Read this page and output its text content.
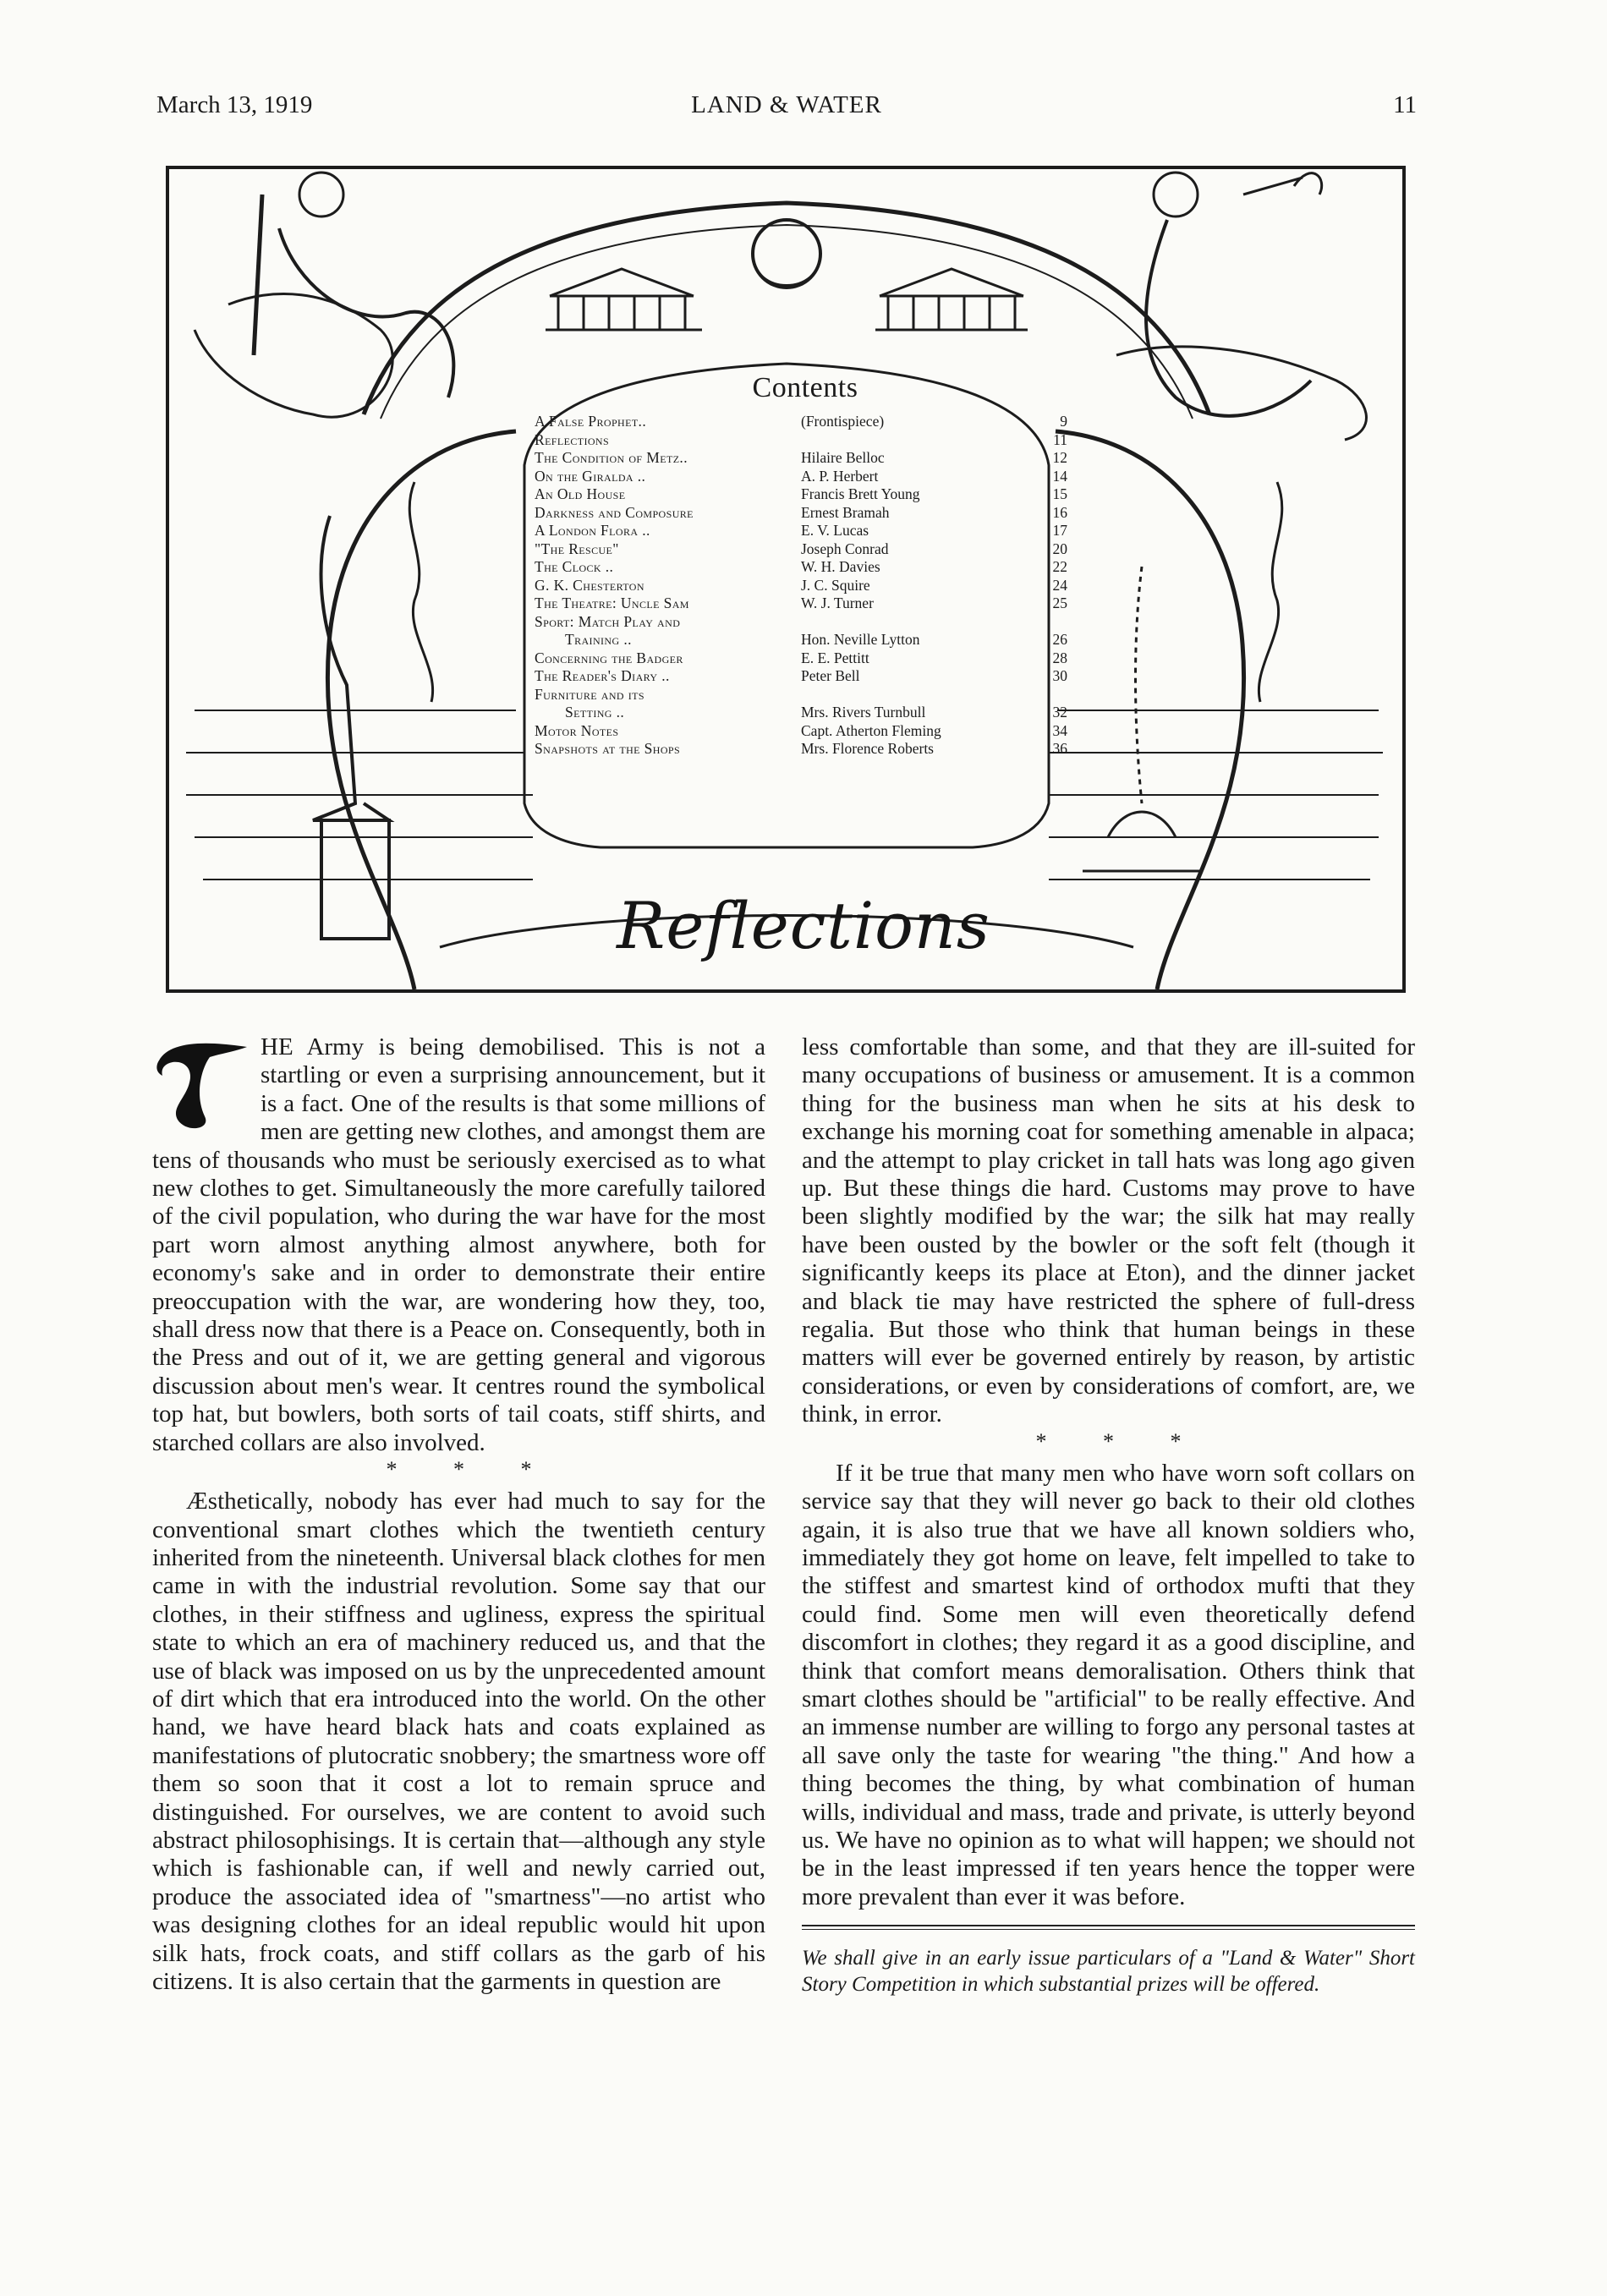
March 13, 1919	LAND & WATER	11
Contents
A False Prophet..	(Frontispiece)	9
Reflections	11
The Condition of Metz..	Hilaire Belloc	12
On the Giralda ..	A. P. Herbert	14
An Old House	Francis Brett Young	15
Darkness and Composure	Ernest Bramah	16
A London Flora ..	E. V. Lucas	17
"The Rescue"	Joseph Conrad	20
The Clock ..	W. H. Davies	22
G. K. Chesterton	J. C. Squire	24
The Theatre: Uncle Sam	W. J. Turner	25
Sport: Match Play and
Training ..	Hon. Neville Lytton	26
Concerning the Badger	E. E. Pettitt	28
The Reader's Diary ..	Peter Bell	30
Furniture and its
Setting ..	Mrs. Rivers Turnbull	32
Motor Notes	Capt. Atherton Fleming	34
Snapshots at the Shops	Mrs. Florence Roberts	36
Reflections

HE Army is being demobilised. This is not a startling or even a surprising announcement, but it is a fact. One of the results is that some millions of men are getting new clothes, and amongst them are tens of thousands who must be seriously exercised as to what new clothes to get. Simultaneously the more carefully tailored of the civil population, who during the war have for the most part worn almost anything almost anywhere, both for economy's sake and in order to demonstrate their entire preoccupation with the war, are wondering how they, too, shall dress now that there is a Peace on. Consequently, both in the Press and out of it, we are getting general and vigorous discussion about men's wear. It centres round the symbolical top hat, but bowlers, both sorts of tail coats, stiff shirts, and starched collars are also involved.

* * *

Æsthetically, nobody has ever had much to say for the conventional smart clothes which the twentieth century inherited from the nineteenth. Universal black clothes for men came in with the industrial revolution. Some say that our clothes, in their stiffness and ugliness, express the spiritual state to which an era of machinery reduced us, and that the use of black was imposed on us by the unprecedented amount of dirt which that era introduced into the world. On the other hand, we have heard black hats and coats explained as manifestations of plutocratic snobbery; the smartness wore off them so soon that it cost a lot to remain spruce and distinguished. For ourselves, we are content to avoid such abstract philosophisings. It is certain that—although any style which is fashionable can, if well and newly carried out, produce the associated idea of "smartness"—no artist who was designing clothes for an ideal republic would hit upon silk hats, frock coats, and stiff collars as the garb of his citizens. It is also certain that the garments in question are

less comfortable than some, and that they are ill-suited for many occupations of business or amusement. It is a common thing for the business man when he sits at his desk to exchange his morning coat for something amenable in alpaca; and the attempt to play cricket in tall hats was long ago given up. But these things die hard. Customs may prove to have been slightly modified by the war; the silk hat may really have been ousted by the bowler or the soft felt (though it significantly keeps its place at Eton), and the dinner jacket and black tie may have restricted the sphere of full-dress regalia. But those who think that human beings in these matters will ever be governed entirely by reason, by artistic considerations, or even by considerations of comfort, are, we think, in error.

* * *

If it be true that many men who have worn soft collars on service say that they will never go back to their old clothes again, it is also true that we have all known soldiers who, immediately they got home on leave, felt impelled to take to the stiffest and smartest kind of orthodox mufti that they could find. Some men will even theoretically defend discomfort in clothes; they regard it as a good discipline, and think that comfort means demoralisation. Others think that smart clothes should be "artificial" to be really effective. And an immense number are willing to forgo any personal tastes at all save only the taste for wearing "the thing." And how a thing becomes the thing, by what combination of human wills, individual and mass, trade and private, is utterly beyond us. We have no opinion as to what will happen; we should not be in the least impressed if ten years hence the topper were more prevalent than ever it was before.

We shall give in an early issue particulars of a "Land & Water" Short Story Competition in which substantial prizes will be offered.
